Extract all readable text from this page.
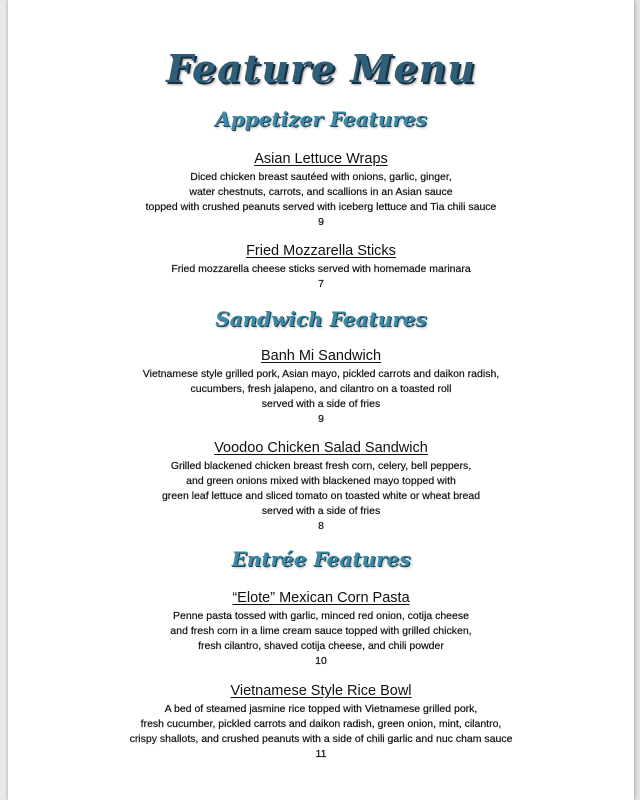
Feature Menu
Appetizer Features

Asian Lettuce Wraps

Diced chicken breast sautéed with onions, garlic, ginger,
water chestnuts, carrots, and scallions in an Asian sauce
topped with crushed peanuts served with iceberg lettuce and Tia chili sauce

9

Fried Mozzarella Sticks

Fried mozzarella cheese sticks served with homemade marinara

7
Sandwich Features

Banh Mi Sandwich

Vietnamese style grilled pork, Asian mayo, pickled carrots and daikon radish,
cucumbers, fresh jalapeno, and cilantro on a toasted roll
served with a side of fries

9

Voodoo Chicken Salad Sandwich

Grilled blackened chicken breast fresh corn, celery, bell peppers,
and green onions mixed with blackened mayo topped with
green leaf lettuce and sliced tomato on toasted white or wheat bread
served with a side of fries

8
Entrée Features

“Elote” Mexican Corn Pasta

Penne pasta tossed with garlic, minced red onion, cotija cheese
and fresh corn in a lime cream sauce topped with grilled chicken,
fresh cilantro, shaved cotija cheese, and chili powder

10

Vietnamese Style Rice Bowl

A bed of steamed jasmine rice topped with Vietnamese grilled pork,
fresh cucumber, pickled carrots and daikon radish, green onion, mint, cilantro,
crispy shallots, and crushed peanuts with a side of chili garlic and nuc cham sauce

11
